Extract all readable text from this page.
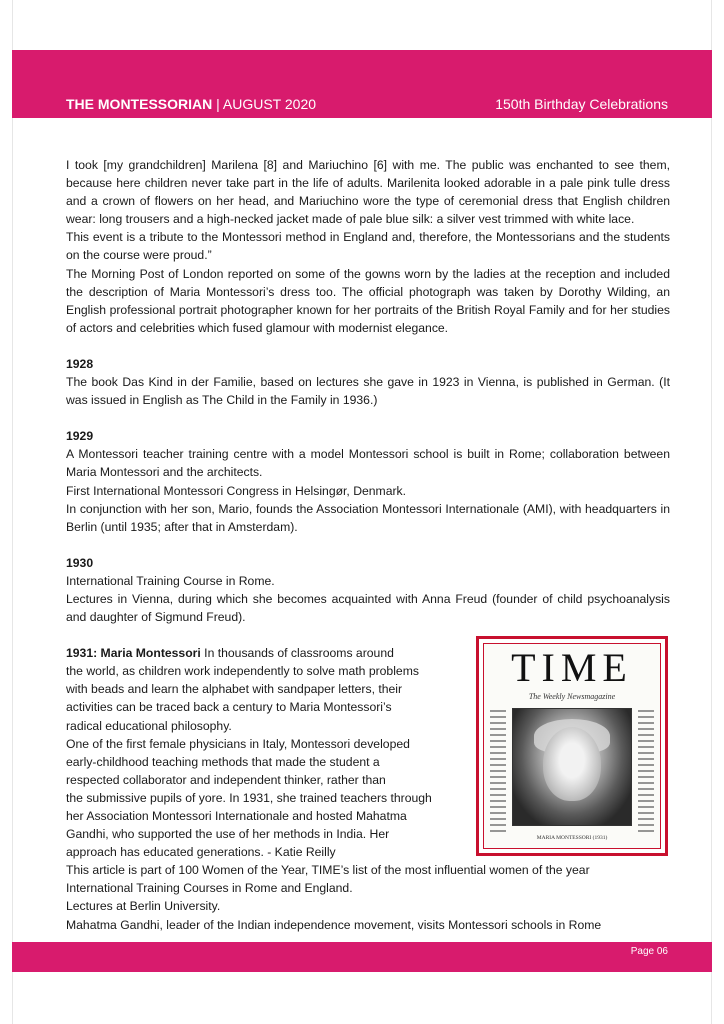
THE MONTESSORIAN | AUGUST 2020	150th Birthday Celebrations

I took [my grandchildren] Marilena [8] and Mariuchino [6] with me. The public was enchanted to see them, because here children never take part in the life of adults. Marilenita looked adorable in a pale pink tulle dress and a crown of flowers on her head, and Mariuchino wore the type of ceremonial dress that English children wear: long trousers and a high-necked jacket made of pale blue silk: a silver vest trimmed with white lace.

This event is a tribute to the Montessori method in England and, therefore, the Montessorians and the students on the course were proud.”

The Morning Post of London reported on some of the gowns worn by the ladies at the reception and included the description of Maria Montessori’s dress too. The official photograph was taken by Dorothy Wilding, an English professional portrait photographer known for her portraits of the British Royal Family and for her studies of actors and celebrities which fused glamour with modernist elegance.

1928

The book Das Kind in der Familie, based on lectures she gave in 1923 in Vienna, is published in German. (It was issued in English as The Child in the Family in 1936.)

1929

A Montessori teacher training centre with a model Montessori school is built in Rome; collaboration between Maria Montessori and the architects.

First International Montessori Congress in Helsingør, Denmark.

In conjunction with her son, Mario, founds the Association Montessori Internationale (AMI), with headquarters in Berlin (until 1935; after that in Amsterdam).

1930

International Training Course in Rome.

Lectures in Vienna, during which she becomes acquainted with Anna Freud (founder of child psychoanalysis and daughter of Sigmund Freud).

1931: Maria Montessori In thousands of classrooms around
the world, as children work independently to solve math problems
with beads and learn the alphabet with sandpaper letters, their
activities can be traced back a century to Maria Montessori’s
radical educational philosophy.
One of the first female physicians in Italy, Montessori developed
early-childhood teaching methods that made the student a
respected collaborator and independent thinker, rather than
the submissive pupils of yore. In 1931, she trained teachers through
her Association Montessori Internationale and hosted Mahatma
Gandhi, who supported the use of her methods in India. Her
approach has educated generations. - Katie Reilly
This article is part of 100 Women of the Year, TIME’s list of the most influential women of the year
International Training Courses in Rome and England.
Lectures at Berlin University.
Mahatma Gandhi, leader of the Indian independence movement, visits Montessori schools in Rome
TIME
The Weekly Newsmagazine
MARIA MONTESSORI (1931)
Page 06
